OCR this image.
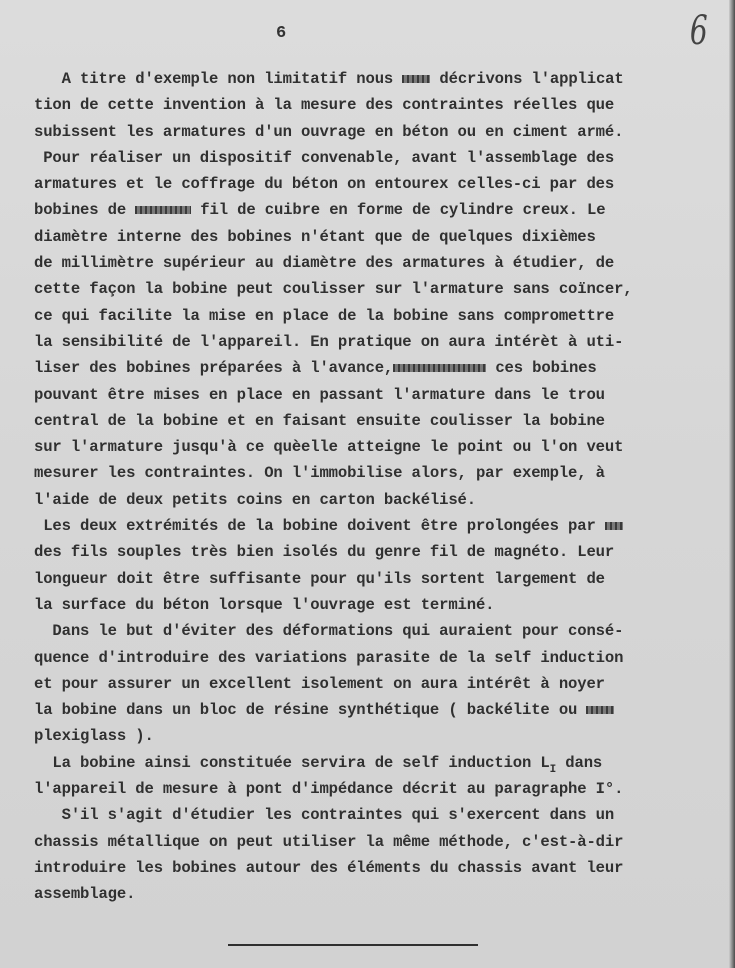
6	6
A titre d'exemple non limitatif nous  décrivons l'applicat
tion de cette invention à la mesure des contraintes réelles que
subissent les armatures d'un ouvrage en béton ou en ciment armé.
Pour réaliser un dispositif convenable, avant l'assemblage des
armatures et le coffrage du béton on entourex celles-ci par des
bobines de	fil de cuibre en forme de cylindre creux. Le
diamètre interne des bobines n'étant que de quelques dixièmes
de millimètre supérieur au diamètre des armatures à étudier, de
cette façon la bobine peut coulisser sur l'armature sans coïncer,
ce qui facilite la mise en place de la bobine sans compromettre
la sensibilité de l'appareil. En pratique on aura intérèt à uti-
liser des bobines préparées à l'avance,	ces bobines
pouvant être mises en place en passant l'armature dans le trou
central de la bobine et en faisant ensuite coulisser la bobine
sur l'armature jusqu'à ce quèelle atteigne le point ou l'on veut
mesurer les contraintes. On l'immobilise alors, par exemple, à
l'aide de deux petits coins en carton backélisé.
Les deux extrémités de la bobine doivent être prolongées par
des fils souples très bien isolés du genre fil de magnéto. Leur
longueur doit être suffisante pour qu'ils sortent largement de
la surface du béton lorsque l'ouvrage est terminé.
Dans le but d'éviter des déformations qui auraient pour consé-
quence d'introduire des variations parasite de la self induction
et pour assurer un excellent isolement on aura intérêt à noyer
la bobine dans un bloc de résine synthétique ( backélite ou
plexiglass ).
La bobine ainsi constituée servira de self induction $L_I$ dans
l'appareil de mesure à pont d'impédance décrit au paragraphe I°.
S'il s'agit d'étudier les contraintes qui s'exercent dans un
chassis métallique on peut utiliser la même méthode, c'est-à-dir
introduire les bobines autour des éléments du chassis avant leur
assemblage.
